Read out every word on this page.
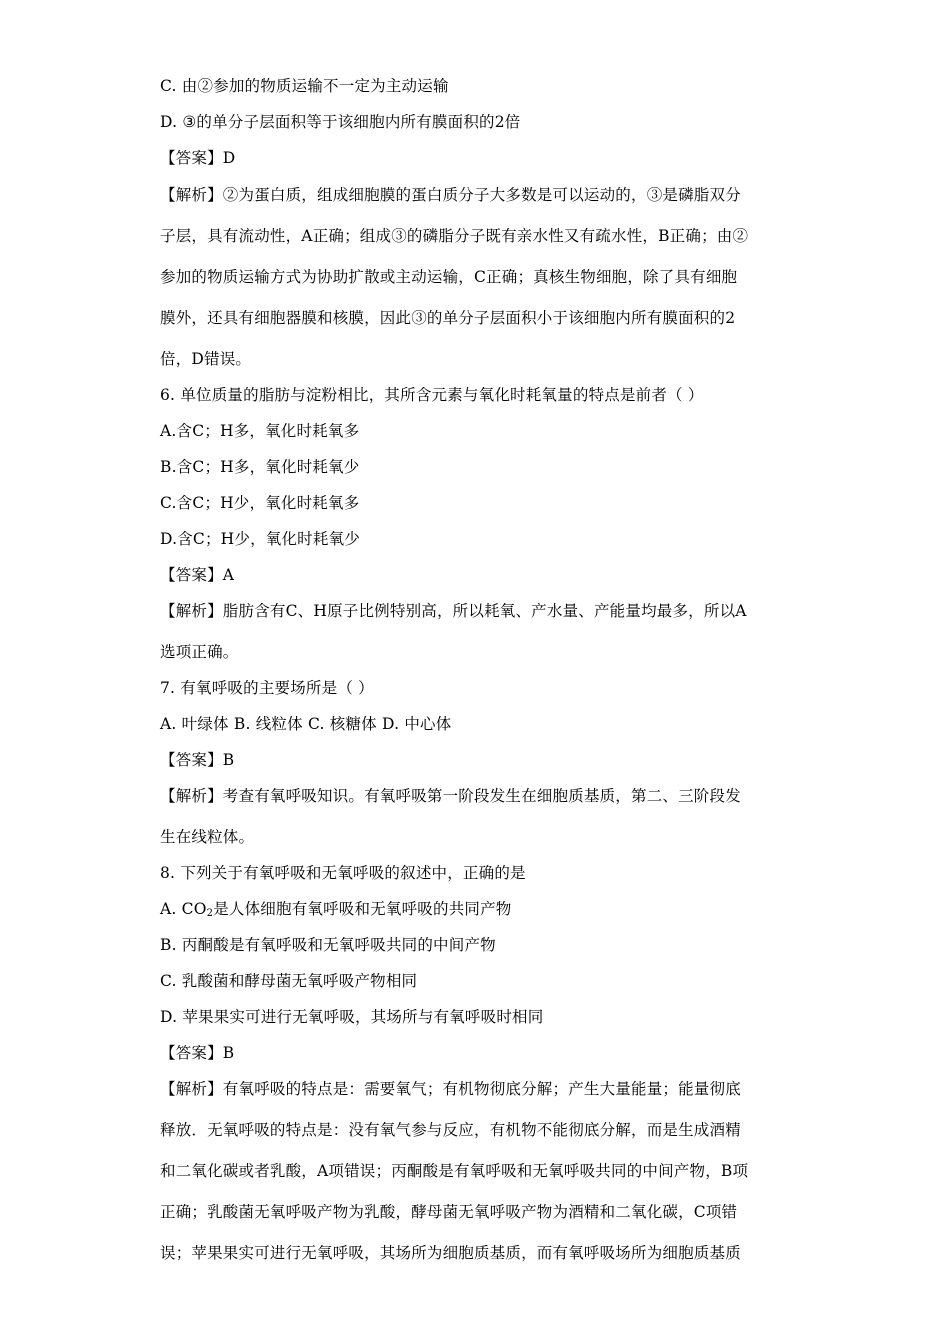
C. 由②参加的物质运输不一定为主动运输
D. ③的单分子层面积等于该细胞内所有膜面积的2倍
【答案】D
【解析】②为蛋白质，组成细胞膜的蛋白质分子大多数是可以运动的，③是磷脂双分
子层，具有流动性，A正确；组成③的磷脂分子既有亲水性又有疏水性，B正确；由②
参加的物质运输方式为协助扩散或主动运输，C正确；真核生物细胞，除了具有细胞
膜外，还具有细胞器膜和核膜，因此③的单分子层面积小于该细胞内所有膜面积的2
倍，D错误。
6. 单位质量的脂肪与淀粉相比，其所含元素与氧化时耗氧量的特点是前者（ ）
A.含C；H多，氧化时耗氧多
B.含C；H多，氧化时耗氧少
C.含C；H少，氧化时耗氧多
D.含C；H少，氧化时耗氧少
【答案】A
【解析】脂肪含有C、H原子比例特别高，所以耗氧、产水量、产能量均最多，所以A
选项正确。
7. 有氧呼吸的主要场所是（ ）
A. 叶绿体 B. 线粒体 C. 核糖体 D. 中心体
【答案】B
【解析】考查有氧呼吸知识。有氧呼吸第一阶段发生在细胞质基质，第二、三阶段发
生在线粒体。
8. 下列关于有氧呼吸和无氧呼吸的叙述中，正确的是
A. $CO_2$是人体细胞有氧呼吸和无氧呼吸的共同产物
B. 丙酮酸是有氧呼吸和无氧呼吸共同的中间产物
C. 乳酸菌和酵母菌无氧呼吸产物相同
D. 苹果果实可进行无氧呼吸，其场所与有氧呼吸时相同
【答案】B
【解析】有氧呼吸的特点是：需要氧气；有机物彻底分解；产生大量能量；能量彻底
释放．无氧呼吸的特点是：没有氧气参与反应，有机物不能彻底分解，而是生成酒精
和二氧化碳或者乳酸，A项错误；丙酮酸是有氧呼吸和无氧呼吸共同的中间产物，B项
正确；乳酸菌无氧呼吸产物为乳酸，酵母菌无氧呼吸产物为酒精和二氧化碳，C项错
误；苹果果实可进行无氧呼吸，其场所为细胞质基质，而有氧呼吸场所为细胞质基质
